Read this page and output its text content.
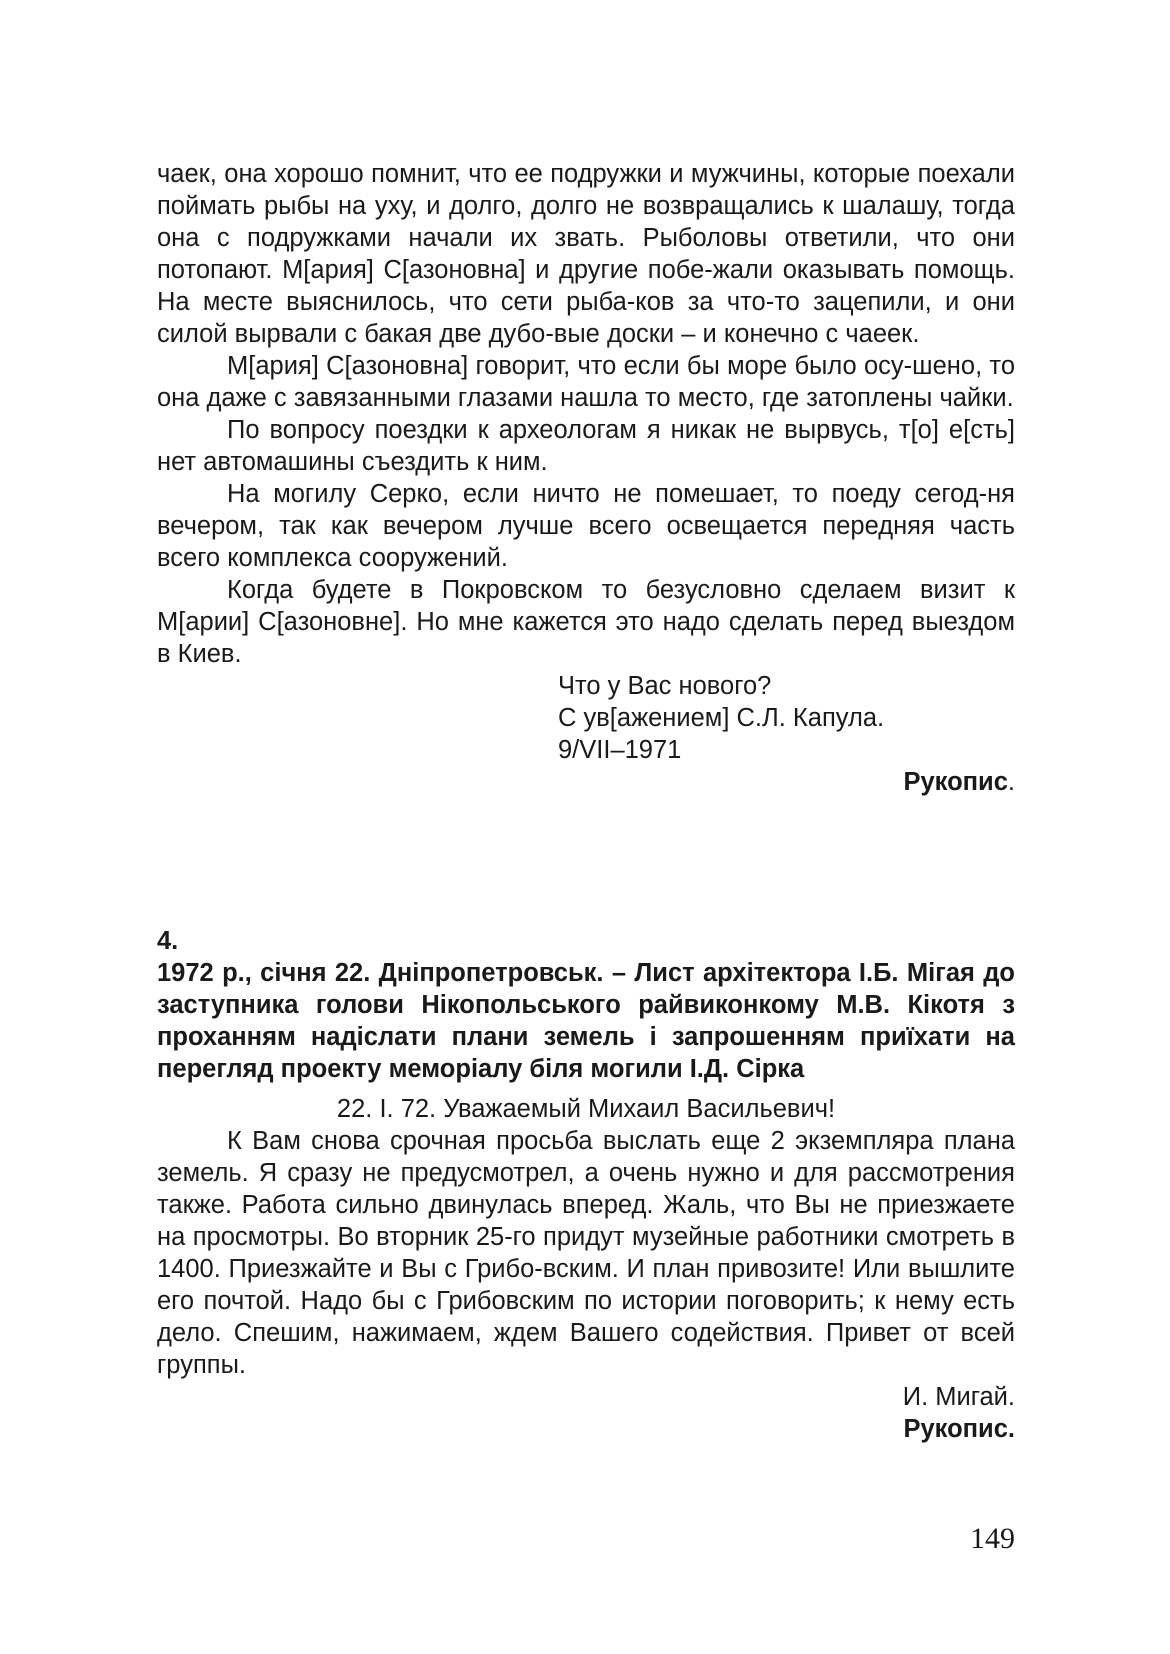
чаек, она хорошо помнит, что ее подружки и мужчины, которые поехали поймать рыбы на уху, и долго, долго не возвращались к шалашу, тогда она с подружками начали их звать. Рыболовы ответили, что они потопают. М[ария] С[азоновна] и другие побе-жали оказывать помощь. На месте выяснилось, что сети рыба-ков за что-то зацепили, и они силой вырвали с бакая две дубо-вые доски – и конечно с чаеек.

М[ария] С[азоновна] говорит, что если бы море было осу-шено, то она даже с завязанными глазами нашла то место, где затоплены чайки.

По вопросу поездки к археологам я никак не вырвусь, т[о] е[сть] нет автомашины съездить к ним.

На могилу Серко, если ничто не помешает, то поеду сегод-ня вечером, так как вечером лучше всего освещается передняя часть всего комплекса сооружений.

Когда будете в Покровском то безусловно сделаем визит к М[арии] С[азоновне]. Но мне кажется это надо сделать перед выездом в Киев.

Что у Вас нового?

С ув[ажением] С.Л. Капула.

9/VII–1971

Рукопис.

4.

1972 р., січня 22. Дніпропетровськ. – Лист архітектора І.Б. Мігая до заступника голови Нікопольського райвиконкому М.В. Кікотя з проханням надіслати плани земель і запрошенням приїхати на перегляд проекту меморіалу біля могили І.Д. Сірка

22. I. 72. Уважаемый Михаил Васильевич!

К Вам снова срочная просьба выслать еще 2 экземпляра плана земель. Я сразу не предусмотрел, а очень нужно и для рассмотрения также. Работа сильно двинулась вперед. Жаль, что Вы не приезжаете на просмотры. Во вторник 25-го придут музейные работники смотреть в 1400. Приезжайте и Вы с Грибо-вским. И план привозите! Или вышлите его почтой. Надо бы с Грибовским по истории поговорить; к нему есть дело. Спешим, нажимаем, ждем Вашего содействия. Привет от всей группы.

И. Мигай.

Рукопис.

149
